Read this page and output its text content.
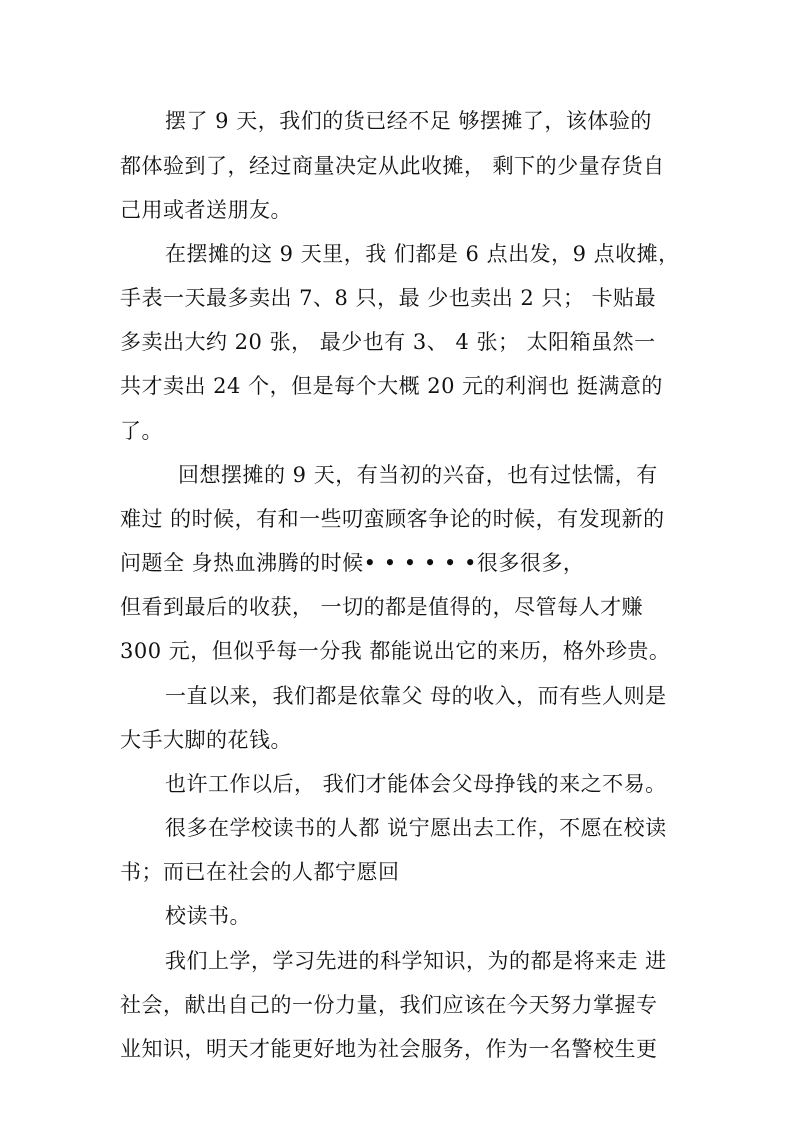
摆了 9 天，我们的货已经不足 够摆摊了，该体验的
都体验到了，经过商量决定从此收摊， 剩下的少量存货自
己用或者送朋友。
在摆摊的这 9 天里，我 们都是 6 点出发，9 点收摊，
手表一天最多卖出 7、8 只，最 少也卖出 2 只； 卡贴最
多卖出大约 20 张， 最少也有 3、 4 张； 太阳箱虽然一
共才卖出 24 个，但是每个大概 20 元的利润也 挺满意的
了。
回想摆摊的 9 天，有当初的兴奋，也有过怯懦，有
难过 的时候，有和一些叨蛮顾客争论的时候，有发现新的
问题全 身热血沸腾的时候• • • • • •很多很多，
但看到最后的收获， 一切的都是值得的，尽管每人才赚
300 元，但似乎每一分我 都能说出它的来历，格外珍贵。
一直以来，我们都是依靠父 母的收入，而有些人则是
大手大脚的花钱。
也许工作以后， 我们才能体会父母挣钱的来之不易。
很多在学校读书的人都 说宁愿出去工作，不愿在校读
书；而已在社会的人都宁愿回
校读书。
我们上学，学习先进的科学知识，为的都是将来走 进
社会，献出自己的一份力量，我们应该在今天努力掌握专
业知识，明天才能更好地为社会服务，作为一名警校生更
